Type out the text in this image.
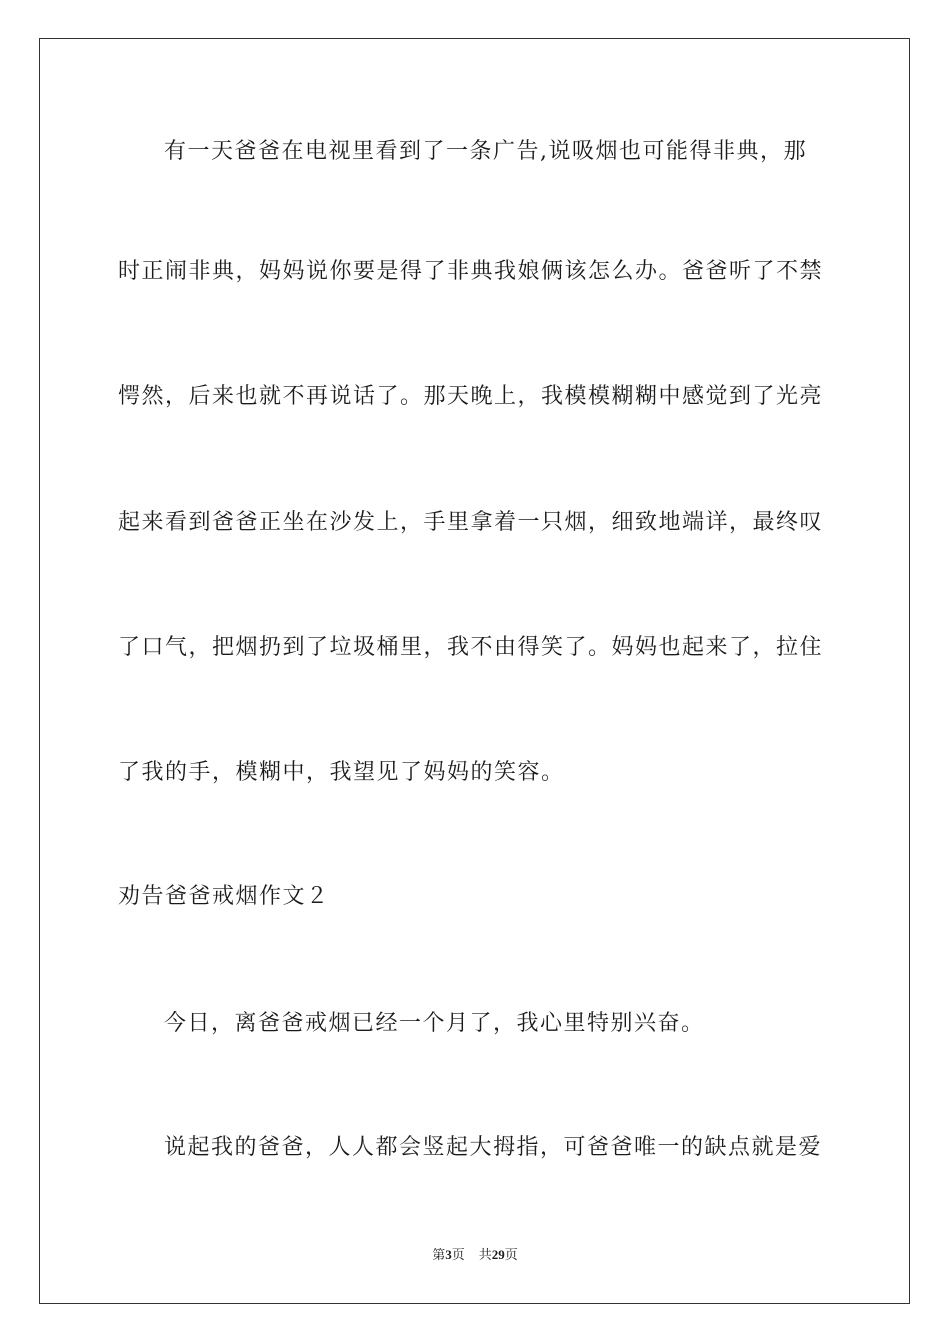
有一天爸爸在电视里看到了一条广告,说吸烟也可能得非典，那
时正闹非典，妈妈说你要是得了非典我娘俩该怎么办。爸爸听了不禁
愕然，后来也就不再说话了。那天晚上，我模模糊糊中感觉到了光亮
起来看到爸爸正坐在沙发上，手里拿着一只烟，细致地端详，最终叹
了口气，把烟扔到了垃圾桶里，我不由得笑了。妈妈也起来了，拉住
了我的手，模糊中，我望见了妈妈的笑容。
劝告爸爸戒烟作文２
今日，离爸爸戒烟已经一个月了，我心里特别兴奋。
说起我的爸爸，人人都会竖起大拇指，可爸爸唯一的缺点就是爱
第3页 共29页
